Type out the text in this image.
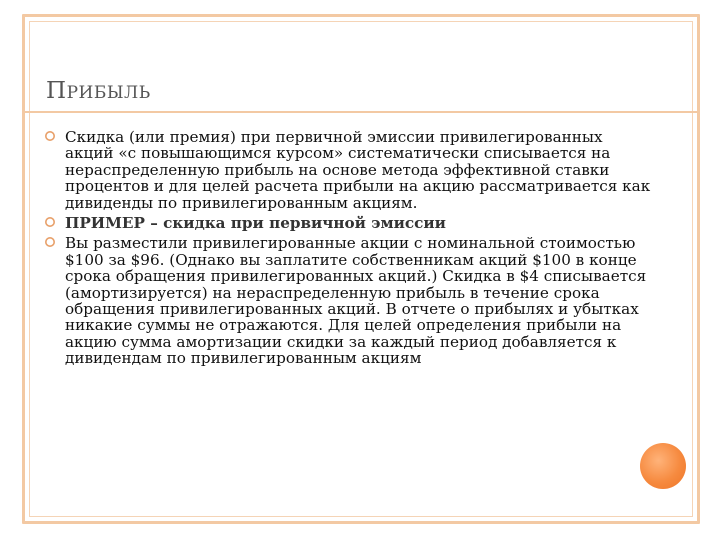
ПРИБЫЛЬ

Скидка (или премия) при первичной эмиссии привилегированных акций «с повышающимся курсом» систематически списывается на нераспределенную прибыль на основе метода эффективной ставки процентов и для целей расчета прибыли на акцию рассматривается как дивиденды по привилегированным акциям.

ПРИМЕР – скидка при первичной эмиссии

Вы разместили привилегированные акции с номинальной стоимостью $100 за $96. (Однако вы заплатите собственникам акций $100 в конце срока обращения привилегированных акций.) Скидка в $4 списывается (амортизируется) на нераспределенную прибыль в течение срока обращения привилегированных акций. В отчете о прибылях и убытках никакие суммы не отражаются. Для целей определения прибыли на акцию сумма амортизации скидки за каждый период добавляется к дивидендам по привилегированным акциям
